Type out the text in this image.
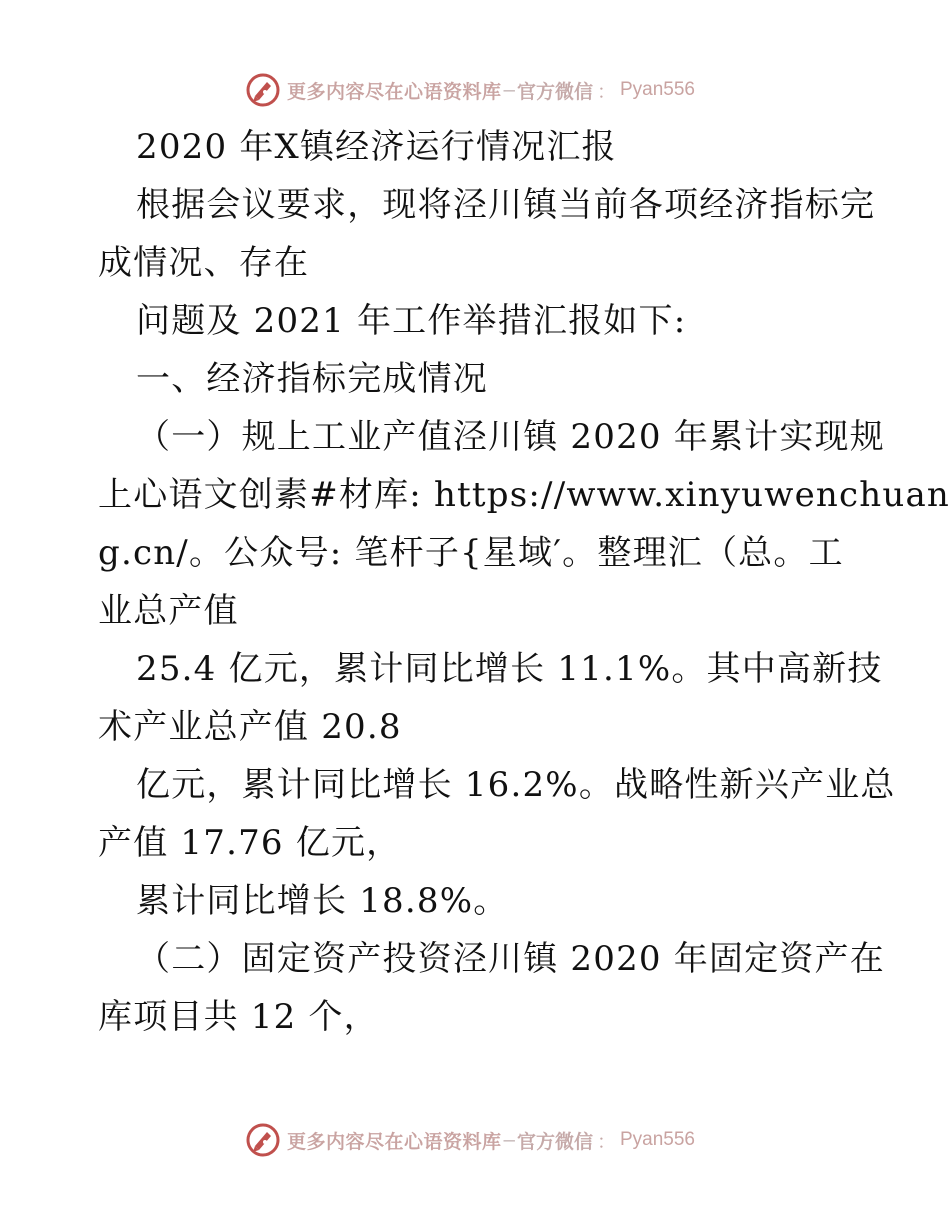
更多内容尽在心语资料库 — 官方微信 ： Pyan556
2020 年X镇经济运行情况汇报
根据会议要求，现将泾川镇当前各项经济指标完
成情况、存在
问题及 2021 年工作举措汇报如下:
一、经济指标完成情况
（一）规上工业产值泾川镇 2020 年累计实现规
上心语文创素#材库: https://www.xinyuwenchuan
g.cn/。公众号: 笔杆子{星域′。整理汇（总。工
业总产值
25.4 亿元，累计同比增长 11.1%。其中高新技
术产业总产值 20.8
亿元，累计同比增长 16.2%。战略性新兴产业总
产值 17.76 亿元，
累计同比增长 18.8%。
（二）固定资产投资泾川镇 2020 年固定资产在
库项目共 12 个，
更多内容尽在心语资料库 — 官方微信 ： Pyan556
